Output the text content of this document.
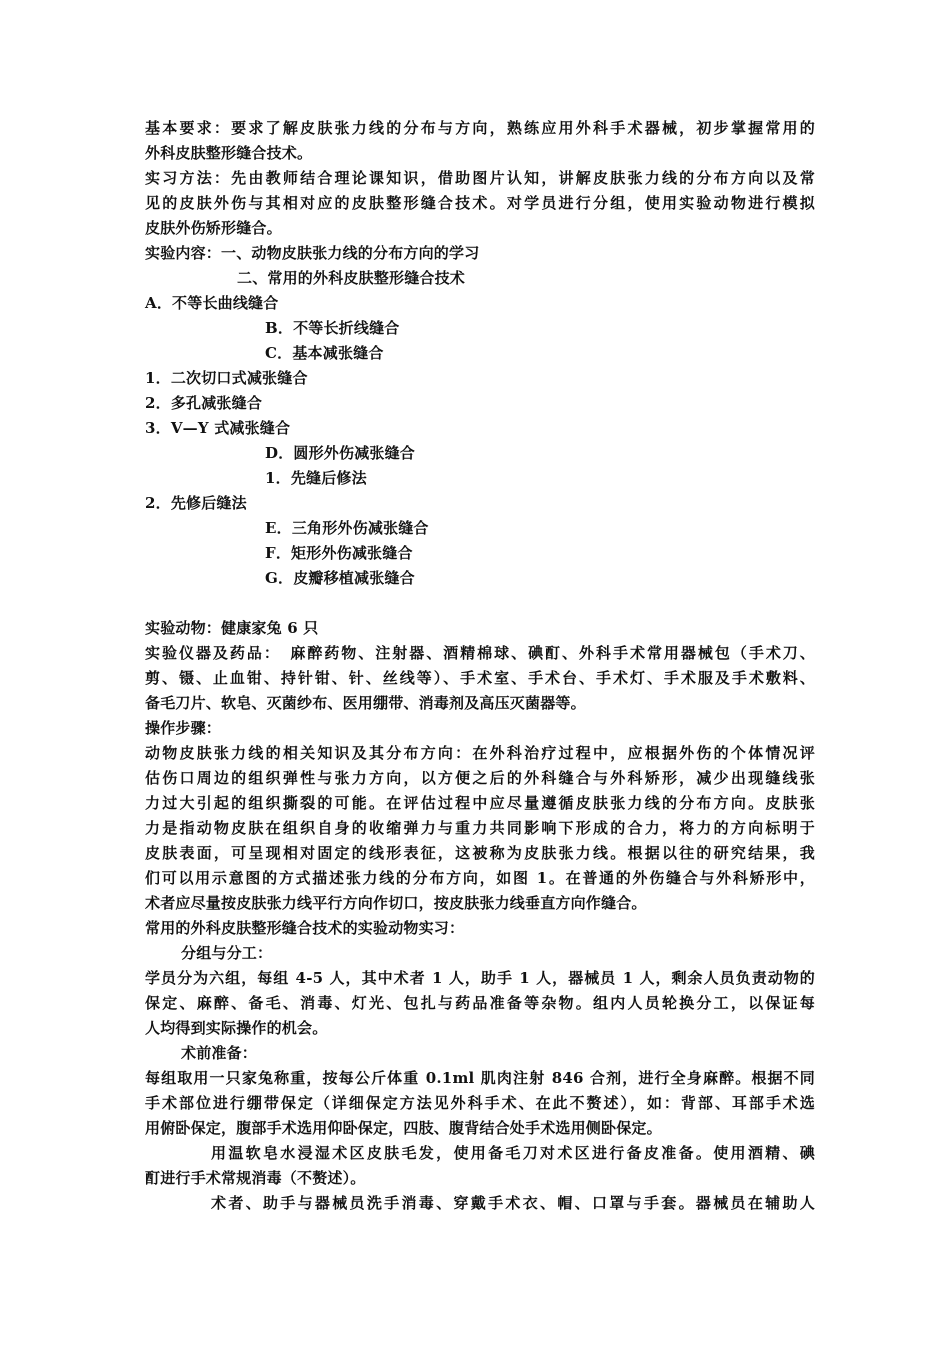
基本要求：要求了解皮肤张力线的分布与方向，熟练应用外科手术器械，初步掌握常用的
外科皮肤整形缝合技术。
实习方法：先由教师结合理论课知识，借助图片认知，讲解皮肤张力线的分布方向以及常
见的皮肤外伤与其相对应的皮肤整形缝合技术。对学员进行分组，使用实验动物进行模拟
皮肤外伤矫形缝合。
实验内容：一、动物皮肤张力线的分布方向的学习
二、常用的外科皮肤整形缝合技术
A．不等长曲线缝合
B．不等长折线缝合
C．基本减张缝合
1．二次切口式减张缝合
2．多孔减张缝合
3．V—Y 式减张缝合
D．圆形外伤减张缝合
1．先缝后修法
2．先修后缝法
E．三角形外伤减张缝合
F．矩形外伤减张缝合
G．皮瓣移植减张缝合
实验动物：健康家兔 6 只
实验仪器及药品：　麻醉药物、注射器、酒精棉球、碘酊、外科手术常用器械包（手术刀、
剪、镊、止血钳、持针钳、针、丝线等）、手术室、手术台、手术灯、手术服及手术敷料、
备毛刀片、软皂、灭菌纱布、医用绷带、消毒剂及高压灭菌器等。
操作步骤：
动物皮肤张力线的相关知识及其分布方向：在外科治疗过程中，应根据外伤的个体情况评
估伤口周边的组织弹性与张力方向，以方便之后的外科缝合与外科矫形，减少出现缝线张
力过大引起的组织撕裂的可能。在评估过程中应尽量遵循皮肤张力线的分布方向。皮肤张
力是指动物皮肤在组织自身的收缩弹力与重力共同影响下形成的合力，将力的方向标明于
皮肤表面，可呈现相对固定的线形表征，这被称为皮肤张力线。根据以往的研究结果，我
们可以用示意图的方式描述张力线的分布方向，如图 1。在普通的外伤缝合与外科矫形中，
术者应尽量按皮肤张力线平行方向作切口，按皮肤张力线垂直方向作缝合。
常用的外科皮肤整形缝合技术的实验动物实习：
分组与分工：
学员分为六组，每组 4-5 人，其中术者 1 人，助手 1 人，器械员 1 人，剩余人员负责动物的
保定、麻醉、备毛、消毒、灯光、包扎与药品准备等杂物。组内人员轮换分工，以保证每
人均得到实际操作的机会。
术前准备：
每组取用一只家兔称重，按每公斤体重 0.1ml 肌肉注射 846 合剂，进行全身麻醉。根据不同
手术部位进行绷带保定（详细保定方法见外科手术、在此不赘述），如：背部、耳部手术选
用俯卧保定，腹部手术选用仰卧保定，四肢、腹背结合处手术选用侧卧保定。
用温软皂水浸湿术区皮肤毛发，使用备毛刀对术区进行备皮准备。使用酒精、碘
酊进行手术常规消毒（不赘述）。
术者、助手与器械员洗手消毒、穿戴手术衣、帽、口罩与手套。器械员在辅助人
